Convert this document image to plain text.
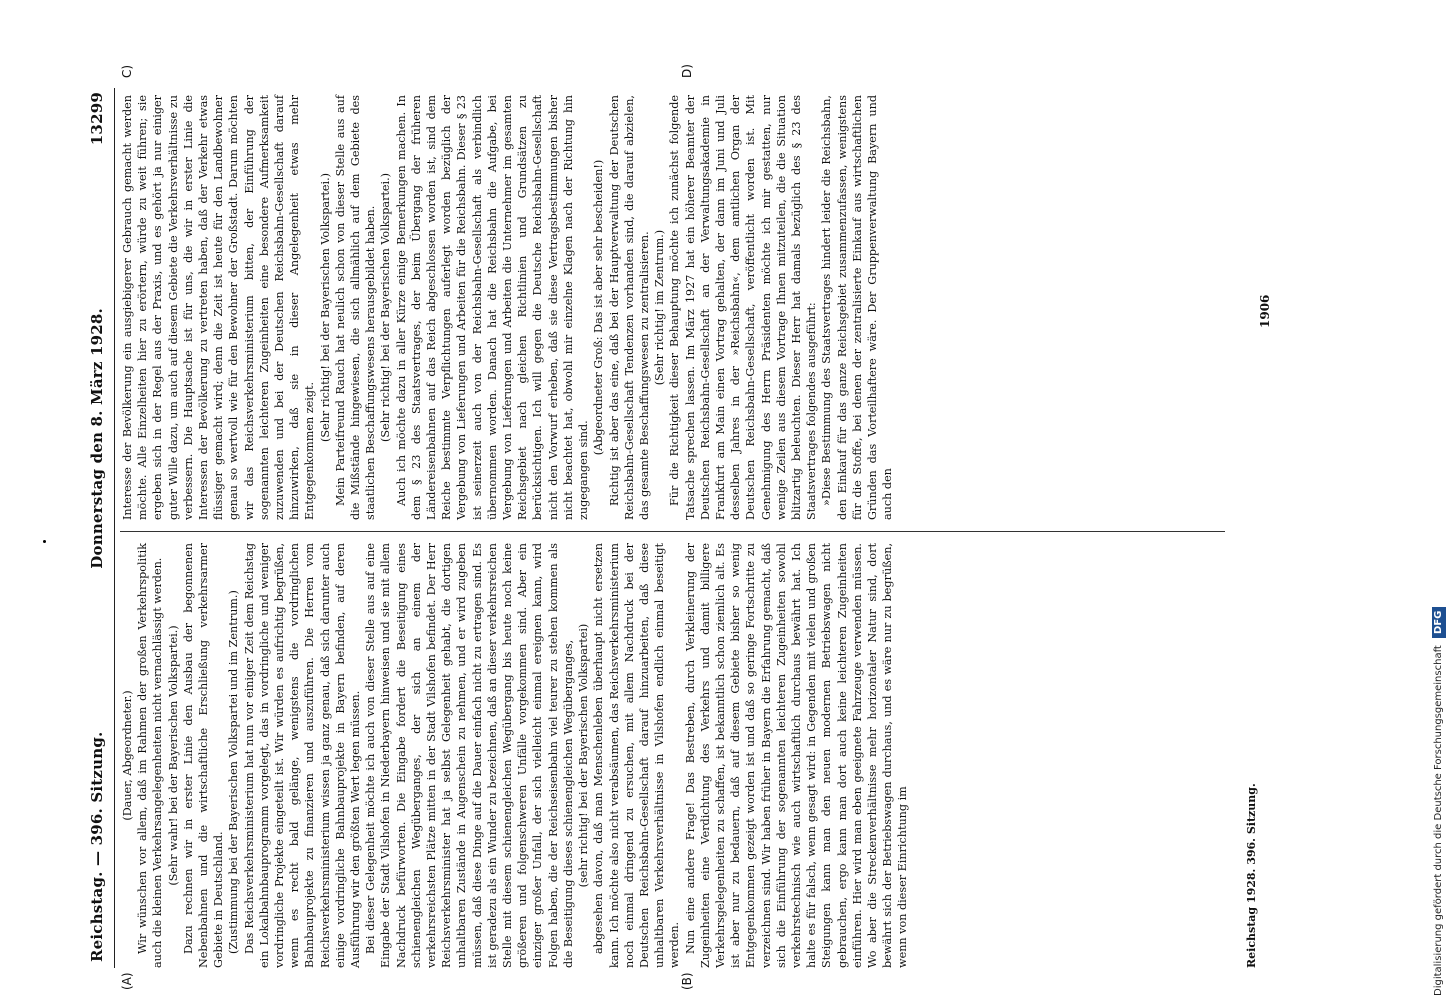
Reichstag. — 396. Sitzung.
Donnerstag den 8. März 1928.
13299

(Dauer, Abgeordneter.) Wir wünschen vor allem, daß im Rahmen der großen Verkehrspolitik auch die kleinen Verkehrsangelegenheiten nicht vernachlässigt werden. (Sehr wahr! bei der Bayerischen Volkspartei.) Dazu rechnen wir in erster Linie den Ausbau der begonnenen Nebenbahnen und die wirtschaftliche Erschließung verkehrsarmer Gebiete in Deutschland. (Zustimmung bei der Bayerischen Volkspartei und im Zentrum.) Das Reichsverkehrsministerium hat nun vor einiger Zeit dem Reichstag ein Lokalbahnbauprogramm vorgelegt, das in vordringliche und weniger vordringliche Projekte eingeteilt ist. Wir würden es aufrichtig begrüßen, wenn es recht bald gelänge, wenigstens die vordringlichen Bahnbauprojekte zu finanzieren und auszuführen. Die Herren vom Reichsverkehrsministerium wissen ja ganz genau, daß sich darunter auch einige vordringliche Bahnbauprojekte in Bayern befinden, auf deren Ausführung wir den größten Wert legen müssen. Bei dieser Gelegenheit möchte ich auch von dieser Stelle aus auf eine Eingabe der Stadt Vilshofen in Niederbayern hinweisen und sie mit allem Nachdruck befürworten. Die Eingabe fordert die Beseitigung eines schienengleichen Wegüberganges, der sich an einem der verkehrsreichsten Plätze mitten in der Stadt Vilshofen befindet. Der Herr Reichsverkehrsminister hat ja selbst Gelegenheit gehabt, die dortigen unhaltbaren Zustände in Augenschein zu nehmen, und er wird zugeben müssen, daß diese Dinge auf die Dauer einfach nicht zu ertragen sind. Es ist geradezu als ein Wunder zu bezeichnen, daß an dieser verkehrsreichen Stelle mit diesem schienengleichen Wegübergang bis heute noch keine größeren und folgenschweren Unfälle vorgekommen sind. Aber ein einziger großer Unfall, der sich vielleicht einmal ereignen kann, wird Folgen haben, die der Reichseisenbahn viel teurer zu stehen kommen als die Beseitigung dieses schienengleichen Wegüberganges, (sehr richtig! bei der Bayerischen Volkspartei) abgesehen davon, daß man Menschenleben überhaupt nicht ersetzen kann. Ich möchte also nicht verabsäumen, das Reichsverkehrsministerium noch einmal dringend zu ersuchen, mit allem Nachdruck bei der Deutschen Reichsbahn-Gesellschaft darauf hinzuarbeiten, daß diese unhaltbaren Verkehrsverhältnisse in Vilshofen endlich einmal beseitigt werden. Nun eine andere Frage! Das Bestreben, durch Verkleinerung der Zugeinheiten eine Verdichtung des Verkehrs und damit billigere Verkehrsgelegenheiten zu schaffen, ist bekanntlich schon ziemlich alt. Es ist aber nur zu bedauern, daß auf diesem Gebiete bisher so wenig Entgegenkommen gezeigt worden ist und daß so geringe Fortschritte zu verzeichnen sind. Wir haben früher in Bayern die Erfahrung gemacht, daß sich die Einführung der sogenannten leichteren Zugeinheiten sowohl verkehrstechnisch wie auch wirtschaftlich durchaus bewährt hat. Ich halte es für falsch, wenn gesagt wird: in Gegenden mit vielen und großen Steigungen kann man den neuen modernen Betriebswagen nicht gebrauchen, ergo kann man dort auch keine leichteren Zugeinheiten einführen. Hier wird man eben geeignete Fahrzeuge verwenden müssen. Wo aber die Streckenverhältnisse mehr horizontaler Natur sind, dort bewährt sich der Betriebswagen durchaus, und es wäre nur zu begrüßen, wenn von dieser Einrichtung im

Interesse der Bevölkerung ein ausgiebigerer Gebrauch gemacht werden möchte. Alle Einzelheiten hier zu erörtern, würde zu weit führen; sie ergeben sich in der Regel aus der Praxis, und es gehört ja nur einiger guter Wille dazu, um auch auf diesem Gebiete die Verkehrsverhältnisse zu verbessern. Die Hauptsache ist für uns, die wir in erster Linie die Interessen der Bevölkerung zu vertreten haben, daß der Verkehr etwas flüssiger gemacht wird; denn die Zeit ist heute für den Landbewohner genau so wertvoll wie für den Bewohner der Großstadt. Darum möchten wir das Reichsverkehrsministerium bitten, der Einführung der sogenannten leichteren Zugeinheiten eine besondere Aufmerksamkeit zuzuwenden und bei der Deutschen Reichsbahn-Gesellschaft darauf hinzuwirken, daß sie in dieser Angelegenheit etwas mehr Entgegenkommen zeigt.

(Sehr richtig! bei der Bayerischen Volkspartei.) Mein Parteifreund Rauch hat neulich schon von dieser Stelle aus auf die Mißstände hingewiesen, die sich allmählich auf dem Gebiete des staatlichen Beschaffungswesens herausgebildet haben. (Sehr richtig! bei der Bayerischen Volkspartei.) Auch ich möchte dazu in aller Kürze einige Bemerkungen machen. In dem § 23 des Staatsvertrages, der beim Übergang der früheren Ländereisenbahnen auf das Reich abgeschlossen worden ist, sind dem Reiche bestimmte Verpflichtungen auferlegt worden bezüglich der Vergebung von Lieferungen und Arbeiten für die Reichsbahn. Dieser § 23 ist seinerzeit auch von der Reichsbahn-Gesellschaft als verbindlich übernommen worden. Danach hat die Reichsbahn die Aufgabe, bei Vergebung von Lieferungen und Arbeiten die Unternehmer im gesamten Reichsgebiet nach gleichen Richtlinien und Grundsätzen zu berücksichtigen. Ich will gegen die Deutsche Reichsbahn-Gesellschaft nicht den Vorwurf erheben, daß sie diese Vertragsbestimmungen bisher nicht beachtet hat, obwohl mir einzelne Klagen nach der Richtung hin zugegangen sind.

(Abgeordneter Groß: Das ist aber sehr bescheiden!) Richtig ist aber das eine, daß bei der Hauptverwaltung der Deutschen Reichsbahn-Gesellschaft Tendenzen vorhanden sind, die darauf abzielen, das gesamte Beschaffungswesen zu zentralisieren. (Sehr richtig! im Zentrum.) Für die Richtigkeit dieser Behauptung möchte ich zunächst folgende Tatsache sprechen lassen. Im März 1927 hat ein höherer Beamter der Deutschen Reichsbahn-Gesellschaft an der Verwaltungsakademie in Frankfurt am Main einen Vortrag gehalten, der dann im Juni und Juli desselben Jahres in der »Reichsbahn«, dem amtlichen Organ der Deutschen Reichsbahn-Gesellschaft, veröffentlicht worden ist. Mit Genehmigung des Herrn Präsidenten möchte ich mir gestatten, nur wenige Zeilen aus diesem Vortrage Ihnen mitzuteilen, die die Situation blitzartig beleuchten. Dieser Herr hat damals bezüglich des § 23 des Staatsvertrages folgendes ausgeführt: »Diese Bestimmung des Staatsvertrages hindert leider die Reichsbahn, den Einkauf für das ganze Reichsgebiet zusammenzufassen, wenigstens für die Stoffe, bei denen der zentralisierte Einkauf aus wirtschaftlichen Gründen das Vorteilhaftere wäre. Der Gruppenverwaltung Bayern und auch den

(A)	(B)
C)	D)
Reichstag 1928. 396. Sitzung.
1906
Digitalisierung gefördert durch die Deutsche Forschungsgemeinschaft DFG
